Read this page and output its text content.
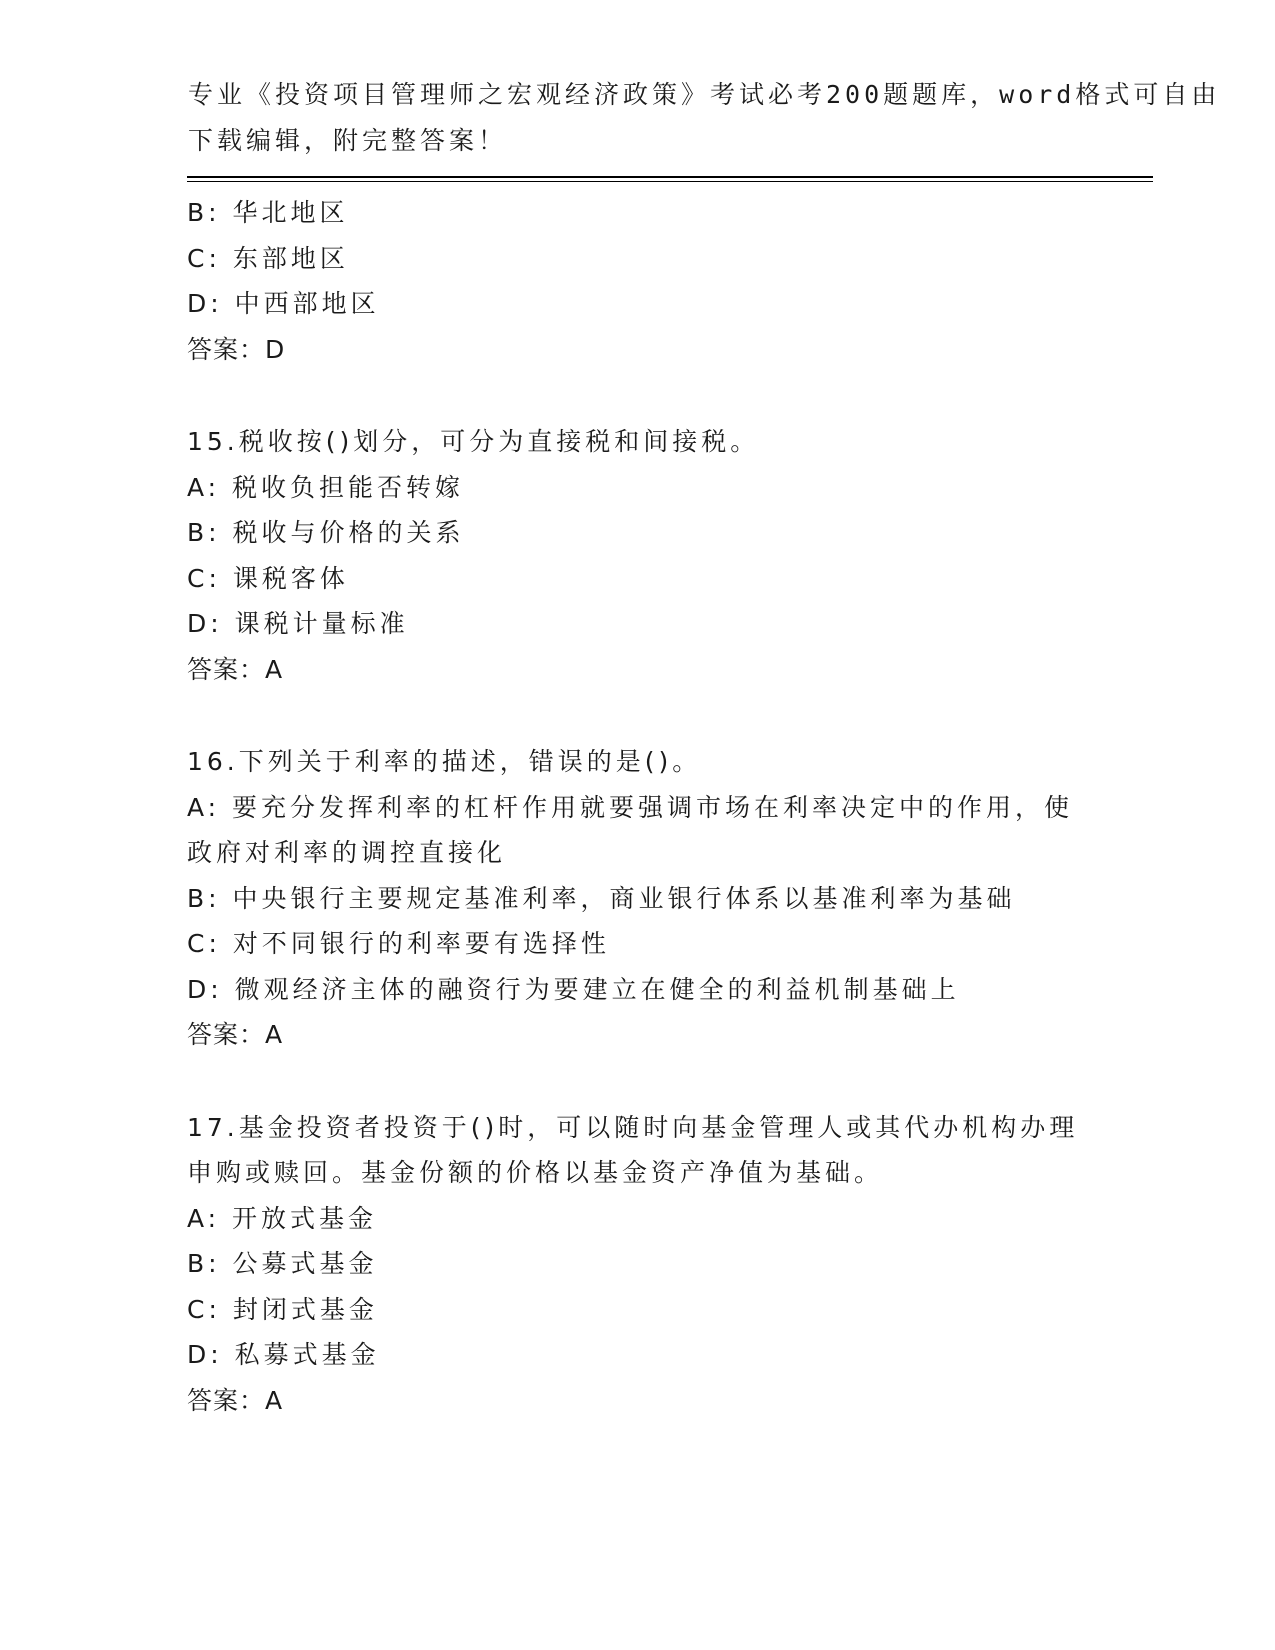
专业《投资项目管理师之宏观经济政策》考试必考200题题库，word格式可自由
下载编辑，附完整答案！
B: 华北地区
C: 东部地区
D: 中西部地区
答案：D
15.税收按()划分，可分为直接税和间接税。
A: 税收负担能否转嫁
B: 税收与价格的关系
C: 课税客体
D: 课税计量标准
答案：A
16.下列关于利率的描述，错误的是()。
A: 要充分发挥利率的杠杆作用就要强调市场在利率决定中的作用，使
政府对利率的调控直接化
B: 中央银行主要规定基准利率，商业银行体系以基准利率为基础
C: 对不同银行的利率要有选择性
D: 微观经济主体的融资行为要建立在健全的利益机制基础上
答案：A
17.基金投资者投资于()时，可以随时向基金管理人或其代办机构办理
申购或赎回。基金份额的价格以基金资产净值为基础。
A: 开放式基金
B: 公募式基金
C: 封闭式基金
D: 私募式基金
答案：A
